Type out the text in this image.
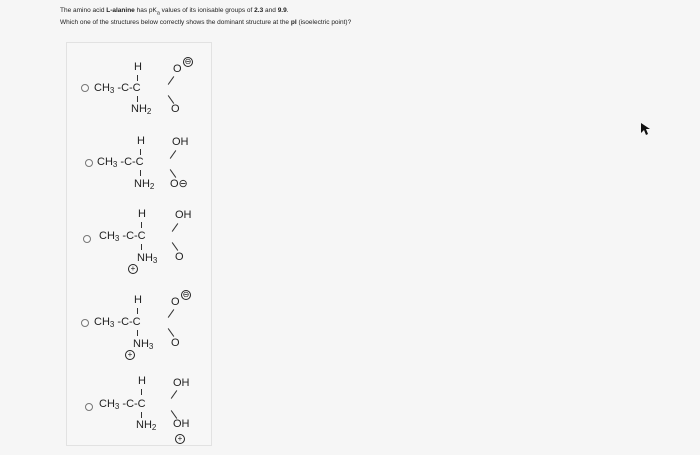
The amino acid L-alanine has $pK_a$ values of its ionisable groups of 2.3 and 9.9.
Which one of the structures below correctly shows the dominant structure at the pI (isoelectric point)?
H
$CH_3$ -C-C
O
⊖
$NH_2$ O
H OH
$CH_3$ -C-C
$NH_2$ O⊖
H	OH
$CH_3$ -C-C
$NH_3$
+
O
H	O
⊖
$CH_3$ -C-C
$NH_3$
+
O
H OH
$CH_3$ -C-C
$NH_2$ OH
+
